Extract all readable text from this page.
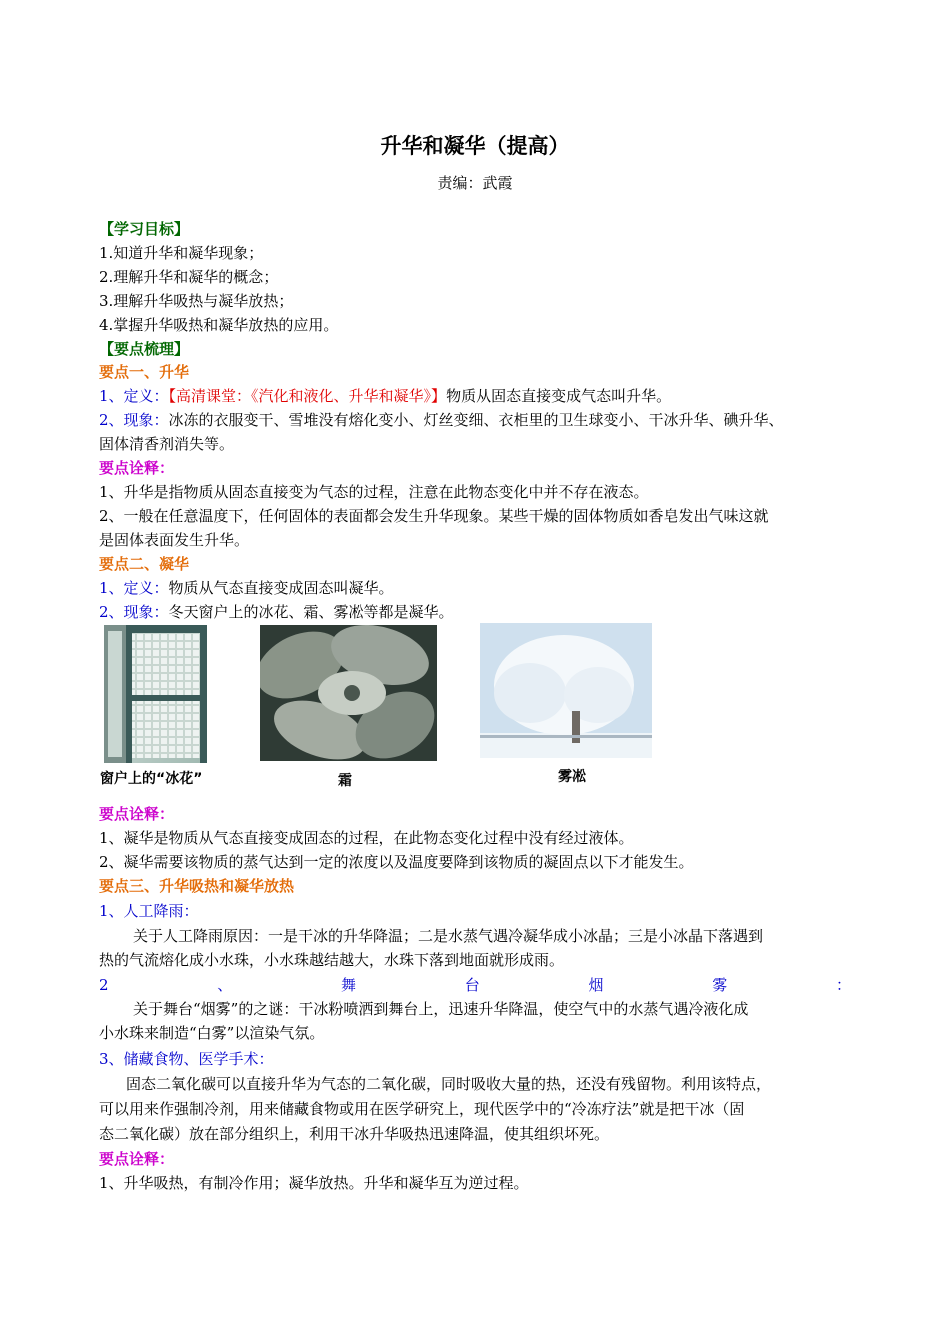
升华和凝华（提高）
责编：武霞
【学习目标】
1.知道升华和凝华现象；
2.理解升华和凝华的概念；
3.理解升华吸热与凝华放热；
4.掌握升华吸热和凝华放热的应用。
【要点梳理】
要点一、升华
1、定义：【高清课堂：《汽化和液化、升华和凝华》】物质从固态直接变成气态叫升华。
2、现象：冰冻的衣服变干、雪堆没有熔化变小、灯丝变细、衣柜里的卫生球变小、干冰升华、碘升华、
固体清香剂消失等。
要点诠释：
1、升华是指物质从固态直接变为气态的过程，注意在此物态变化中并不存在液态。
2、一般在任意温度下，任何固体的表面都会发生升华现象。某些干燥的固体物质如香皂发出气味这就
是固体表面发生升华。
要点二、凝华
1、定义：物质从气态直接变成固态叫凝华。
2、现象：冬天窗户上的冰花、霜、雾凇等都是凝华。
窗户上的“冰花”	霜	雾凇
要点诠释：
1、凝华是物质从气态直接变成固态的过程，在此物态变化过程中没有经过液体。
2、凝华需要该物质的蒸气达到一定的浓度以及温度要降到该物质的凝固点以下才能发生。
要点三、升华吸热和凝华放热
1、人工降雨：
关于人工降雨原因：一是干冰的升华降温；二是水蒸气遇冷凝华成小冰晶；三是小冰晶下落遇到
热的气流熔化成小水珠，小水珠越结越大，水珠下落到地面就形成雨。
2	、	舞	台	烟	雾	：
关于舞台“烟雾”的之谜：干冰粉喷洒到舞台上，迅速升华降温，使空气中的水蒸气遇冷液化成
小水珠来制造“白雾”以渲染气氛。
3、储藏食物、医学手术：
固态二氧化碳可以直接升华为气态的二氧化碳，同时吸收大量的热，还没有残留物。利用该特点，
可以用来作强制冷剂，用来储藏食物或用在医学研究上，现代医学中的“冷冻疗法”就是把干冰（固
态二氧化碳）放在部分组织上，利用干冰升华吸热迅速降温，使其组织坏死。
要点诠释：
1、升华吸热，有制冷作用；凝华放热。升华和凝华互为逆过程。
